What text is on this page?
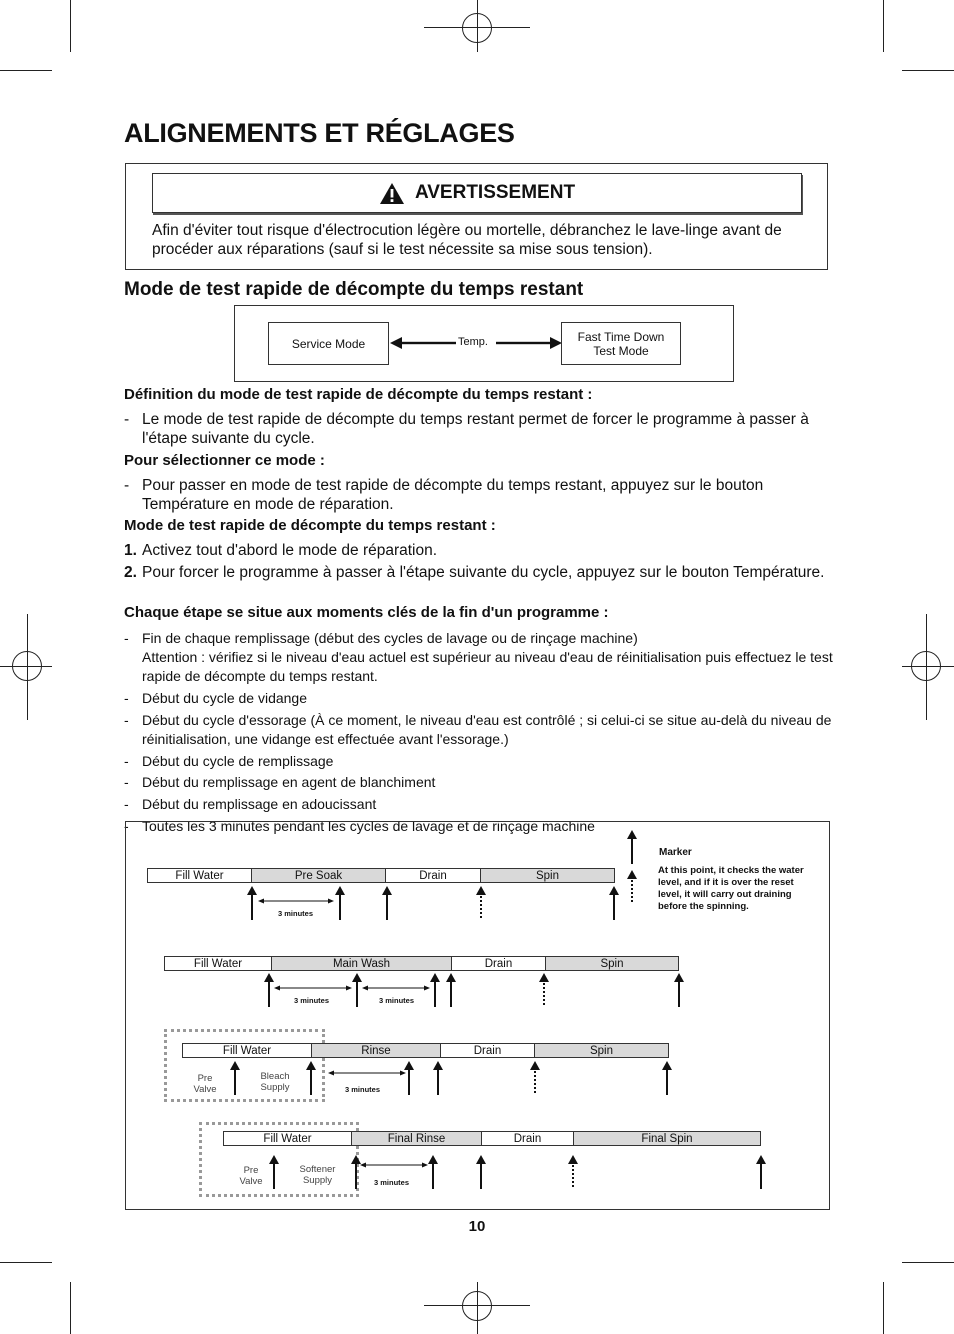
ALIGNEMENTS ET RÉGLAGES
AVERTISSEMENT
Afin d'éviter tout risque d'électrocution légère ou mortelle, débranchez le lave-linge avant de procéder aux réparations (sauf si le test nécessite sa mise sous tension).
Mode de test rapide de décompte du temps restant
Service Mode	Temp.	Fast Time Down
Test Mode
Définition du mode de test rapide de décompte du temps restant :
- Le mode de test rapide de décompte du temps restant permet de forcer le programme à passer à l'étape suivante du cycle.
Pour sélectionner ce mode :
- Pour passer en mode de test rapide de décompte du temps restant, appuyez sur le bouton Température en mode de réparation.
Mode de test rapide de décompte du temps restant :
1. Activez tout d'abord le mode de réparation.
2. Pour forcer le programme à passer à l'étape suivante du cycle, appuyez sur le bouton Température.
Chaque étape se situe aux moments clés de la fin d'un programme :
- Fin de chaque remplissage (début des cycles de lavage ou de rinçage machine)
Attention : vérifiez si le niveau d'eau actuel est supérieur au niveau d'eau de réinitialisation puis effectuez le test rapide de décompte du temps restant.
- Début du cycle de vidange
- Début du cycle d'essorage (À ce moment, le niveau d'eau est contrôlé ; si celui-ci se situe au-delà du niveau de réinitialisation, une vidange est effectuée avant l'essorage.)
- Début du cycle de remplissage
- Début du remplissage en agent de blanchiment
- Début du remplissage en adoucissant
- Toutes les 3 minutes pendant les cycles de lavage et de rinçage machine
Marker
At this point, it checks the water level, and if it is over the reset level, it will carry out draining before the spinning.
Fill Water	Pre Soak	Drain	Spin
3 minutes
Fill Water	Main Wash	Drain	Spin
3 minutes	3 minutes
Fill Water	Rinse	Drain	Spin
Pre Valve
Bleach Supply	3 minutes
Fill Water	Final Rinse	Drain	Final Spin
Pre Valve
Softener Supply	3 minutes
10
